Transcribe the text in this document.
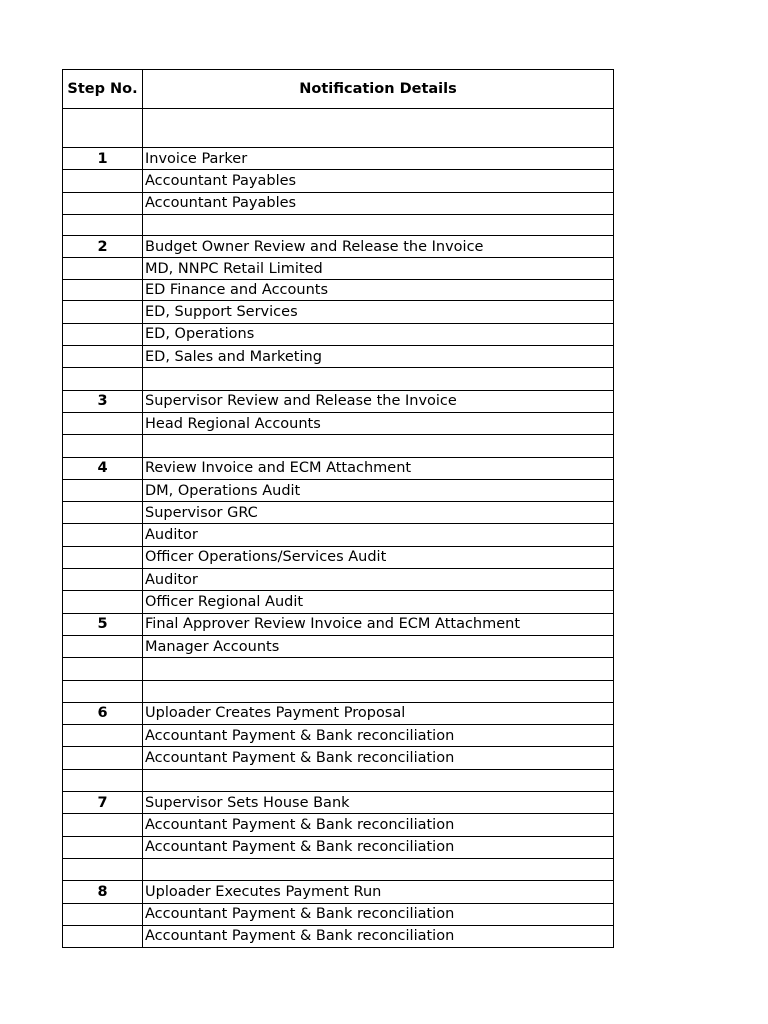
Step No.	Notification Details

1	Invoice Parker
	Accountant Payables
	Accountant Payables

2	Budget Owner Review and Release the Invoice
	MD, NNPC Retail Limited
	ED Finance and Accounts
	ED, Support Services
	ED, Operations
	ED, Sales and Marketing

3	Supervisor Review and Release the Invoice
	Head Regional Accounts

4	Review Invoice and ECM Attachment
	DM, Operations Audit
	Supervisor GRC
	Auditor
	Officer Operations/Services Audit
	Auditor
	Officer Regional Audit
5	Final Approver Review Invoice and ECM Attachment
	Manager Accounts

6	Uploader Creates Payment Proposal
	Accountant Payment & Bank reconciliation
	Accountant Payment & Bank reconciliation

7	Supervisor Sets House Bank
	Accountant Payment & Bank reconciliation
	Accountant Payment & Bank reconciliation

8	Uploader Executes Payment Run
	Accountant Payment & Bank reconciliation
	Accountant Payment & Bank reconciliation
